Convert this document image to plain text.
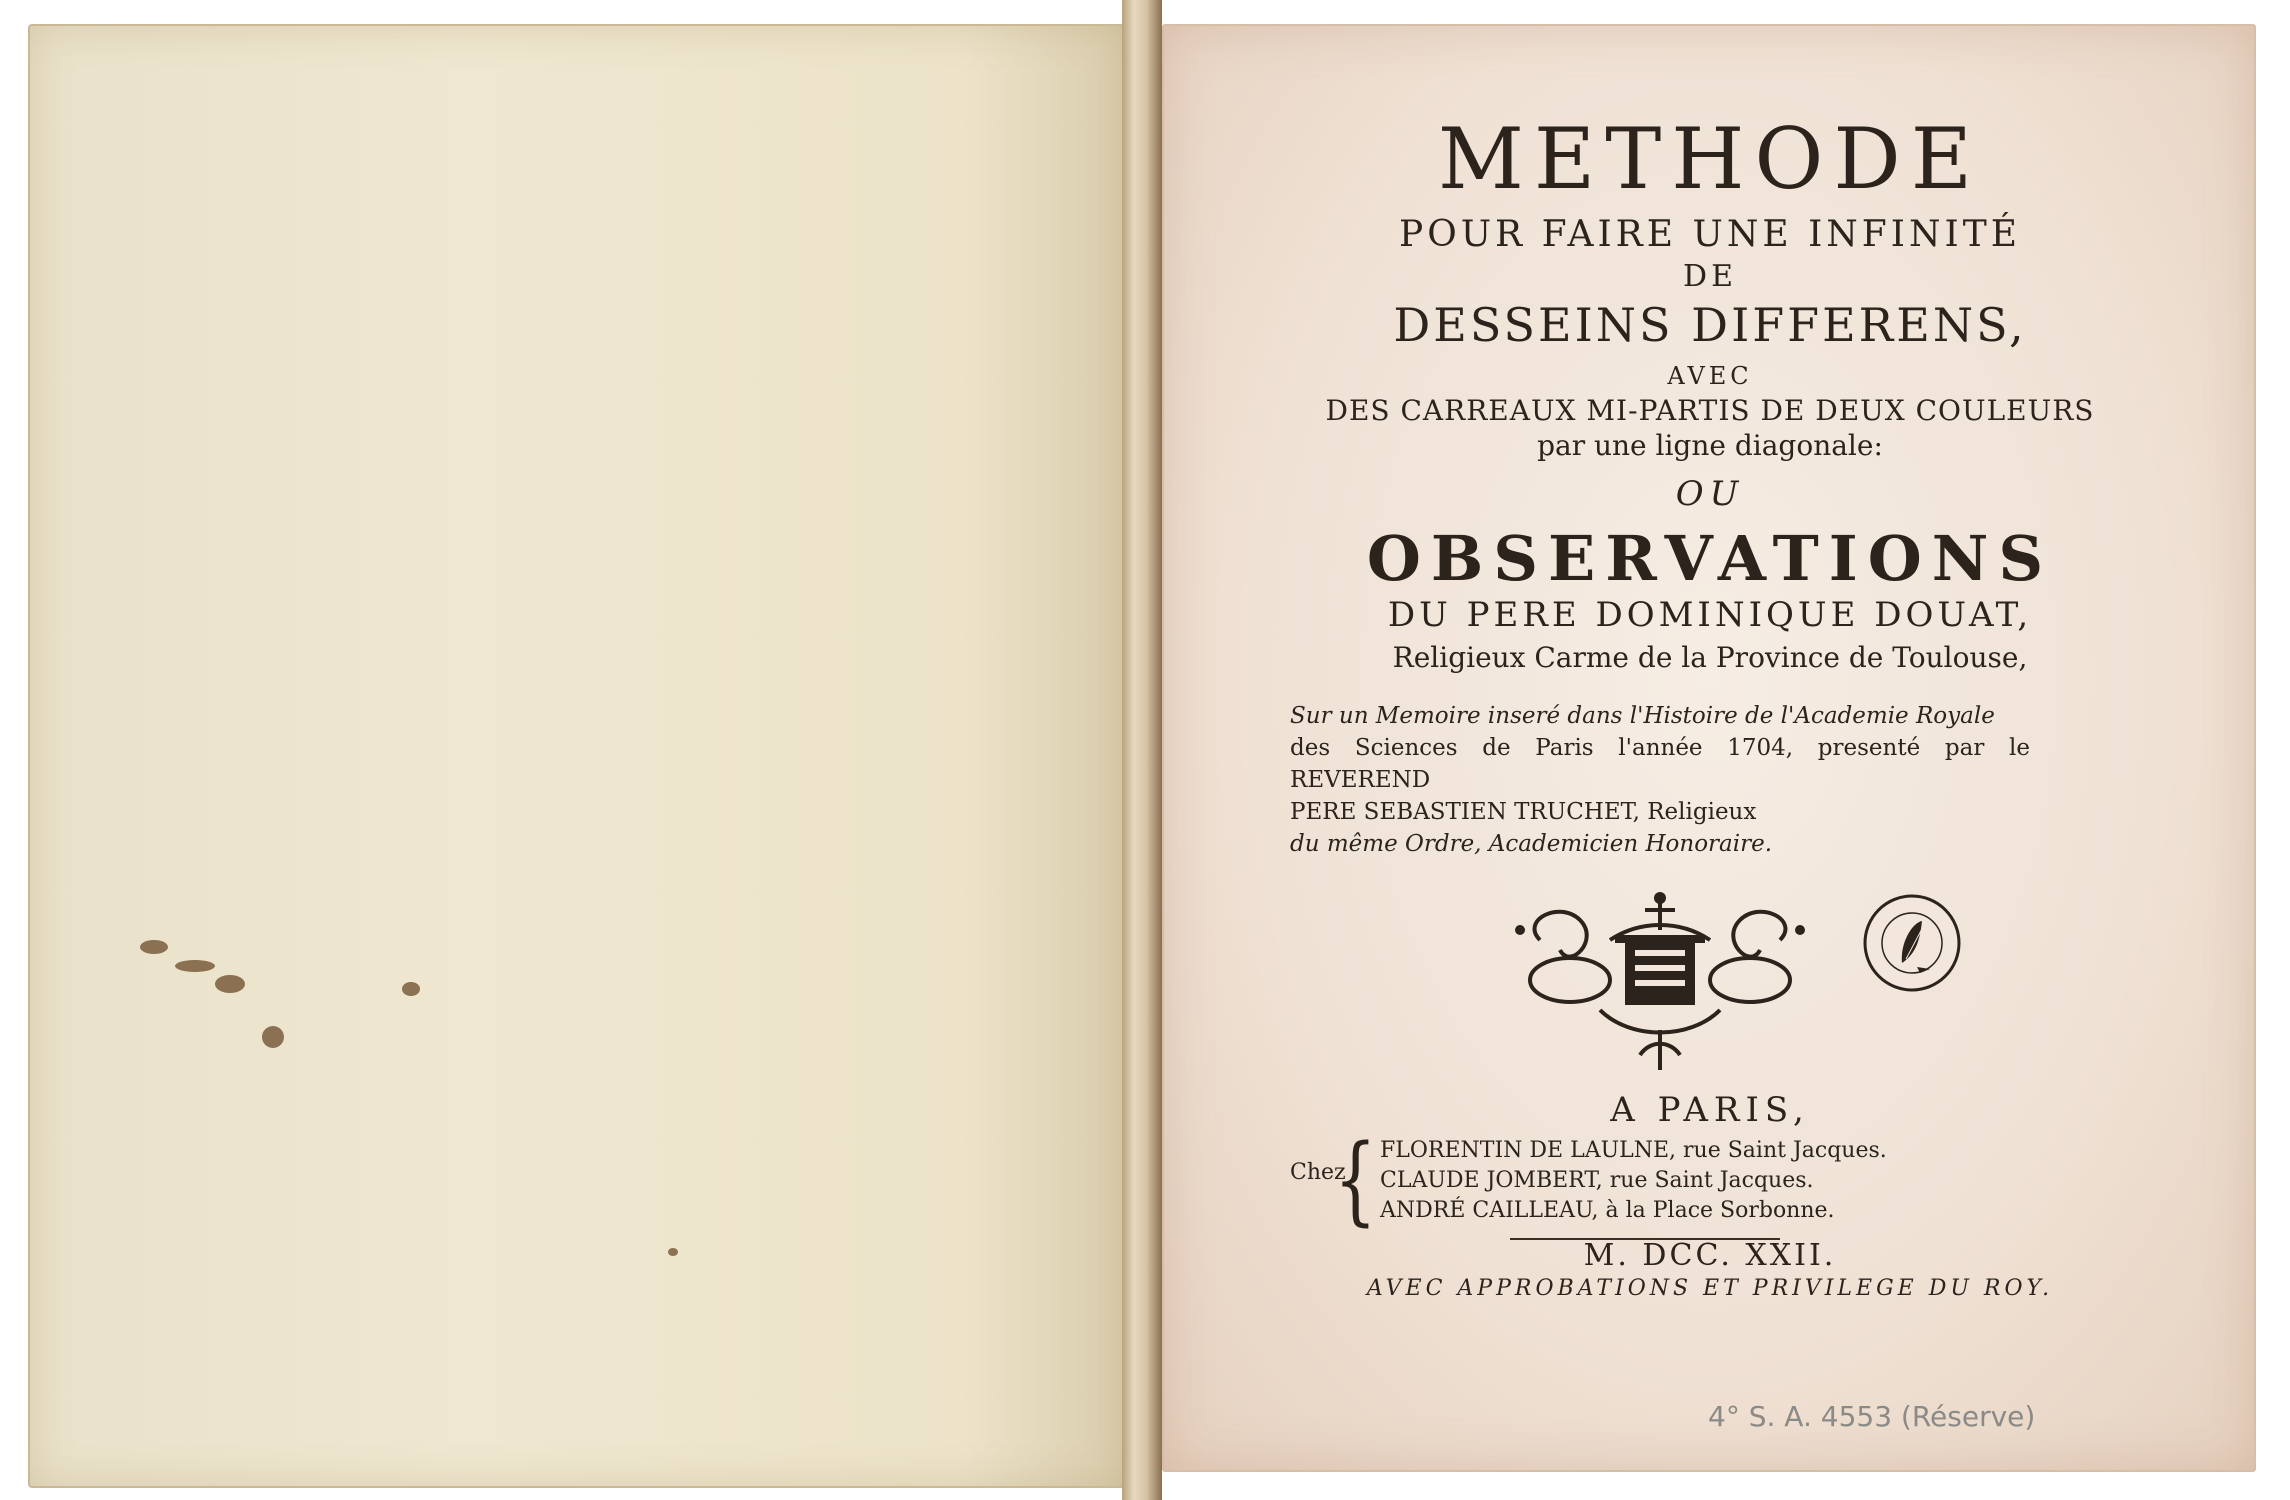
METHODE
POUR FAIRE UNE INFINITÉ
DE
DESSEINS DIFFERENS,
AVEC
DES CARREAUX MI-PARTIS DE DEUX COULEURS
par une ligne diagonale:
OU
OBSERVATIONS
DU PERE DOMINIQUE DOUAT,
Religieux Carme de la Province de Toulouse,
Sur un Memoire inseré dans l'Histoire de l'Academie Royale
des Sciences de Paris l'année 1704, presenté par le REVEREND
PERE SEBASTIEN TRUCHET, Religieux
du même Ordre, Academicien Honoraire.
A PARIS,
Chez
{ FLORENTIN DE LAULNE, rue Saint Jacques.
CLAUDE JOMBERT, rue Saint Jacques.
ANDRÉ CAILLEAU, à la Place Sorbonne.
M. DCC. XXII.
AVEC APPROBATIONS ET PRIVILEGE DU ROY.
4° S. A. 4553 (Réserve)
